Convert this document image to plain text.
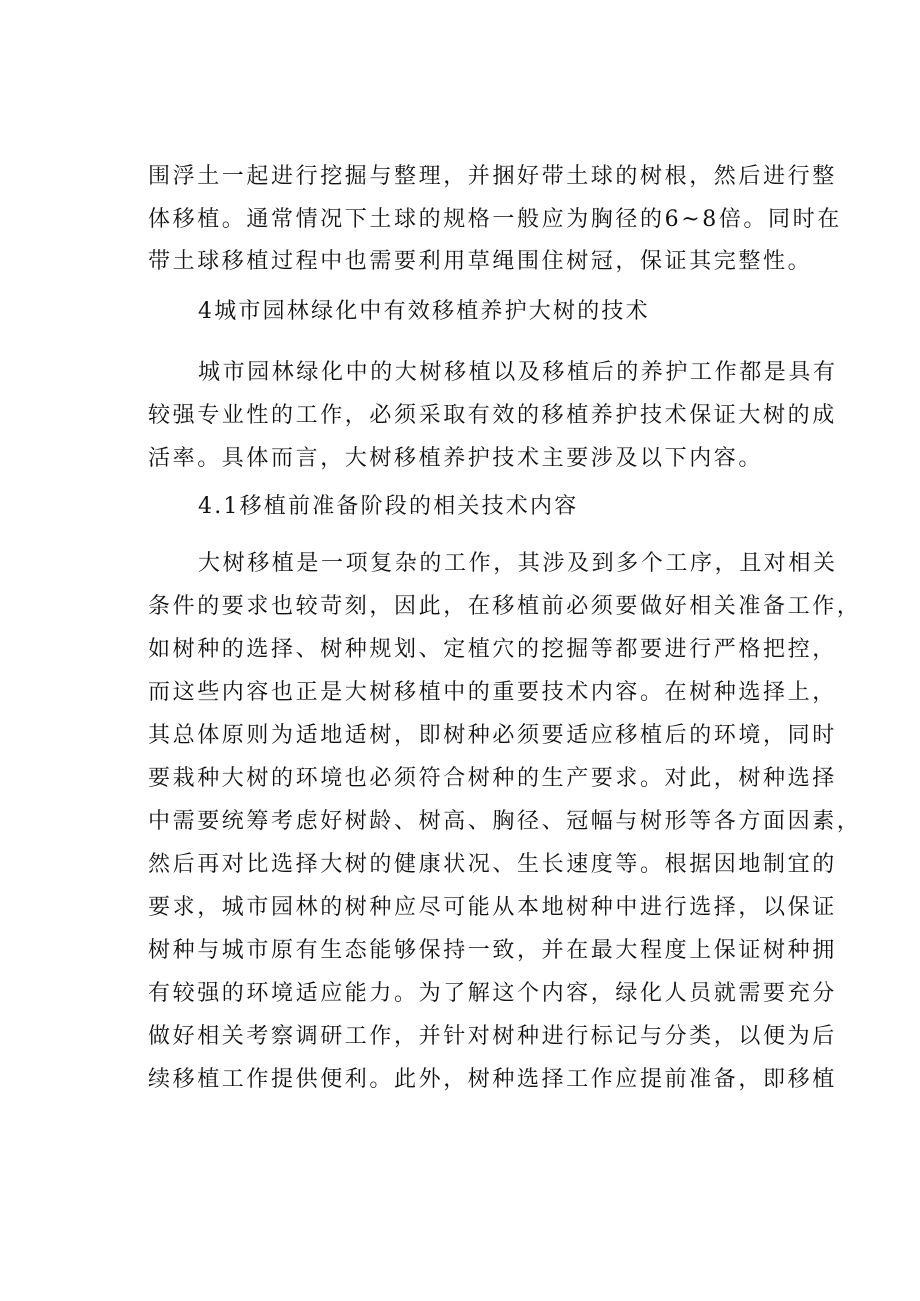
围浮土一起进行挖掘与整理，并捆好带土球的树根，然后进行整
体移植。通常情况下土球的规格一般应为胸径的6~8倍。同时在
带土球移植过程中也需要利用草绳围住树冠，保证其完整性。
4城市园林绿化中有效移植养护大树的技术
城市园林绿化中的大树移植以及移植后的养护工作都是具有
较强专业性的工作，必须采取有效的移植养护技术保证大树的成
活率。具体而言，大树移植养护技术主要涉及以下内容。
4.1移植前准备阶段的相关技术内容
大树移植是一项复杂的工作，其涉及到多个工序，且对相关
条件的要求也较苛刻，因此，在移植前必须要做好相关准备工作，
如树种的选择、树种规划、定植穴的挖掘等都要进行严格把控，
而这些内容也正是大树移植中的重要技术内容。在树种选择上，
其总体原则为适地适树，即树种必须要适应移植后的环境，同时
要栽种大树的环境也必须符合树种的生产要求。对此，树种选择
中需要统筹考虑好树龄、树高、胸径、冠幅与树形等各方面因素，
然后再对比选择大树的健康状况、生长速度等。根据因地制宜的
要求，城市园林的树种应尽可能从本地树种中进行选择，以保证
树种与城市原有生态能够保持一致，并在最大程度上保证树种拥
有较强的环境适应能力。为了解这个内容，绿化人员就需要充分
做好相关考察调研工作，并针对树种进行标记与分类，以便为后
续移植工作提供便利。此外，树种选择工作应提前准备，即移植
